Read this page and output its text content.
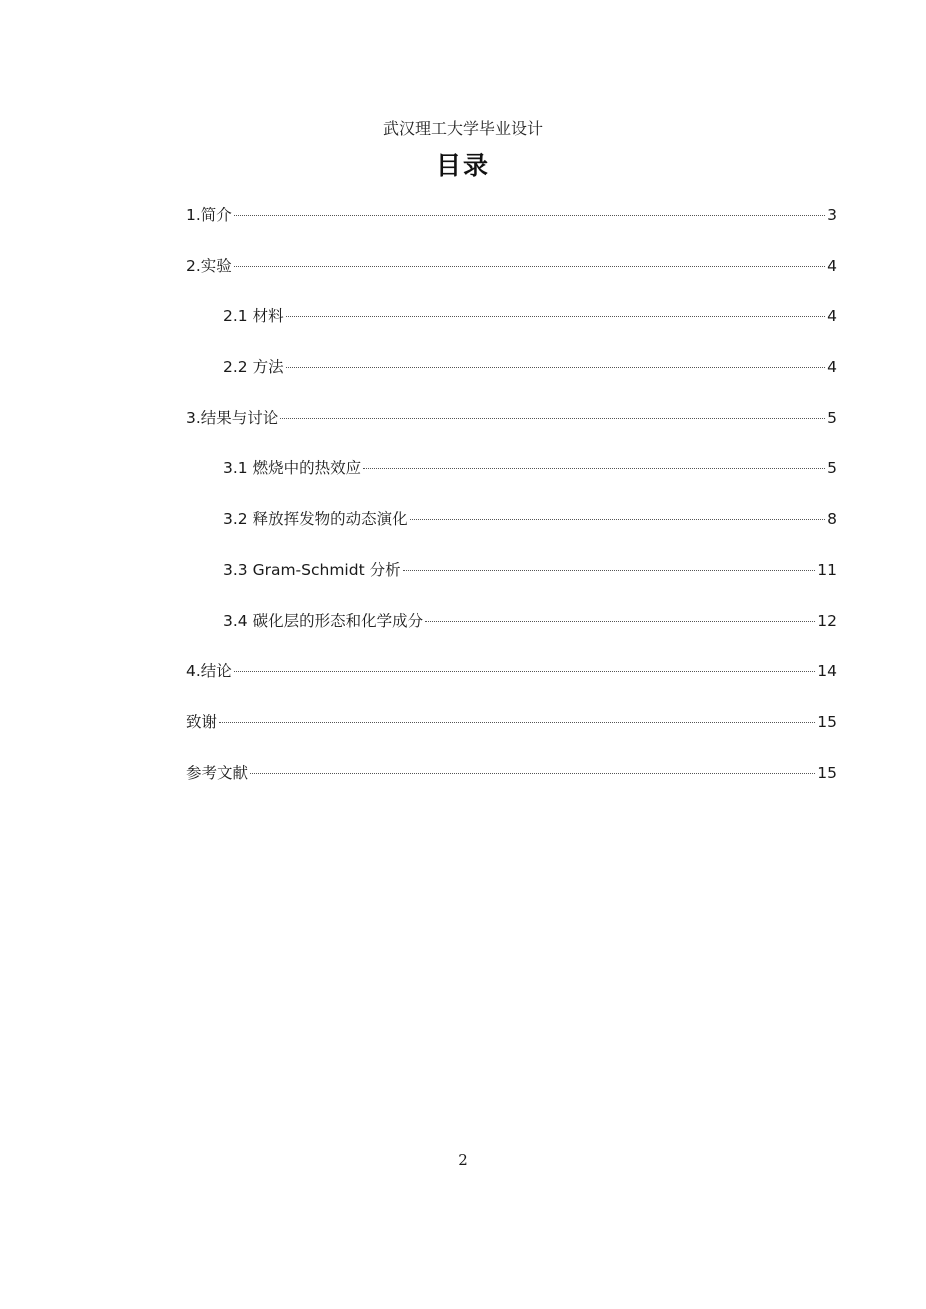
武汉理工大学毕业设计
目录
1.简介	3
2.实验	4
2.1 材料	4
2.2 方法	4
3.结果与讨论	5
3.1 燃烧中的热效应	5
3.2 释放挥发物的动态演化	8
3.3 Gram-Schmidt 分析	11
3.4 碳化层的形态和化学成分	12
4.结论	14
致谢	15
参考文献	15
2
